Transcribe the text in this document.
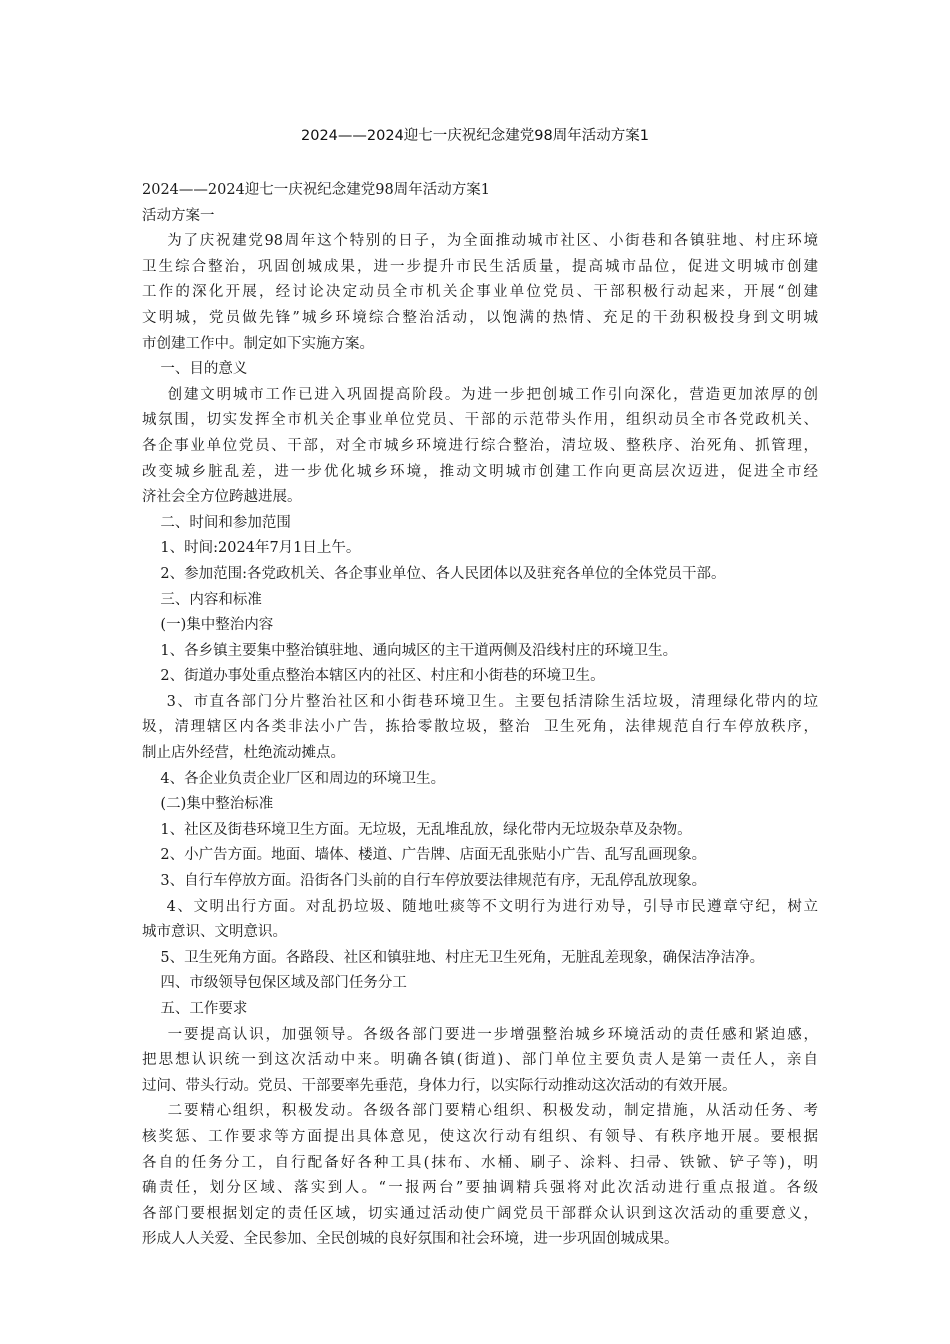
2024——2024迎七一庆祝纪念建党98周年活动方案1
2024——2024迎七一庆祝纪念建党98周年活动方案1
活动方案一
为了庆祝建党98周年这个特别的日子，为全面推动城市社区、小街巷和各镇驻地、村庄环境
卫生综合整治，巩固创城成果，进一步提升市民生活质量，提高城市品位，促进文明城市创建
工作的深化开展，经讨论决定动员全市机关企事业单位党员、干部积极行动起来，开展“创建
文明城，党员做先锋”城乡环境综合整治活动，以饱满的热情、充足的干劲积极投身到文明城
市创建工作中。制定如下实施方案。
一、目的意义
创建文明城市工作已进入巩固提高阶段。为进一步把创城工作引向深化，营造更加浓厚的创
城氛围，切实发挥全市机关企事业单位党员、干部的示范带头作用，组织动员全市各党政机关、
各企事业单位党员、干部，对全市城乡环境进行综合整治，清垃圾、整秩序、治死角、抓管理，
改变城乡脏乱差，进一步优化城乡环境，推动文明城市创建工作向更高层次迈进，促进全市经
济社会全方位跨越进展。
二、时间和参加范围
1、时间:2024年7月1日上午。
2、参加范围:各党政机关、各企事业单位、各人民团体以及驻兖各单位的全体党员干部。
三、内容和标准
(一)集中整治内容
1、各乡镇主要集中整治镇驻地、通向城区的主干道两侧及沿线村庄的环境卫生。
2、街道办事处重点整治本辖区内的社区、村庄和小街巷的环境卫生。
3、市直各部门分片整治社区和小街巷环境卫生。主要包括清除生活垃圾，清理绿化带内的垃
圾，清理辖区内各类非法小广告，拣拾零散垃圾，整治  卫生死角，法律规范自行车停放秩序，
制止店外经营，杜绝流动摊点。
4、各企业负责企业厂区和周边的环境卫生。
(二)集中整治标准
1、社区及街巷环境卫生方面。无垃圾，无乱堆乱放，绿化带内无垃圾杂草及杂物。
2、小广告方面。地面、墙体、楼道、广告牌、店面无乱张贴小广告、乱写乱画现象。
3、自行车停放方面。沿街各门头前的自行车停放要法律规范有序，无乱停乱放现象。
4、文明出行方面。对乱扔垃圾、随地吐痰等不文明行为进行劝导，引导市民遵章守纪，树立
城市意识、文明意识。
5、卫生死角方面。各路段、社区和镇驻地、村庄无卫生死角，无脏乱差现象，确保洁净洁净。
四、市级领导包保区域及部门任务分工
五、工作要求
一要提高认识，加强领导。各级各部门要进一步增强整治城乡环境活动的责任感和紧迫感，
把思想认识统一到这次活动中来。明确各镇(街道)、部门单位主要负责人是第一责任人，亲自
过问、带头行动。党员、干部要率先垂范，身体力行，以实际行动推动这次活动的有效开展。
二要精心组织，积极发动。各级各部门要精心组织、积极发动，制定措施，从活动任务、考
核奖惩、工作要求等方面提出具体意见，使这次行动有组织、有领导、有秩序地开展。要根据
各自的任务分工，自行配备好各种工具(抹布、水桶、刷子、涂料、扫帚、铁锨、铲子等)，明
确责任，划分区域、落实到人。“一报两台”要抽调精兵强将对此次活动进行重点报道。各级
各部门要根据划定的责任区域，切实通过活动使广阔党员干部群众认识到这次活动的重要意义，
形成人人关爱、全民参加、全民创城的良好氛围和社会环境，进一步巩固创城成果。
